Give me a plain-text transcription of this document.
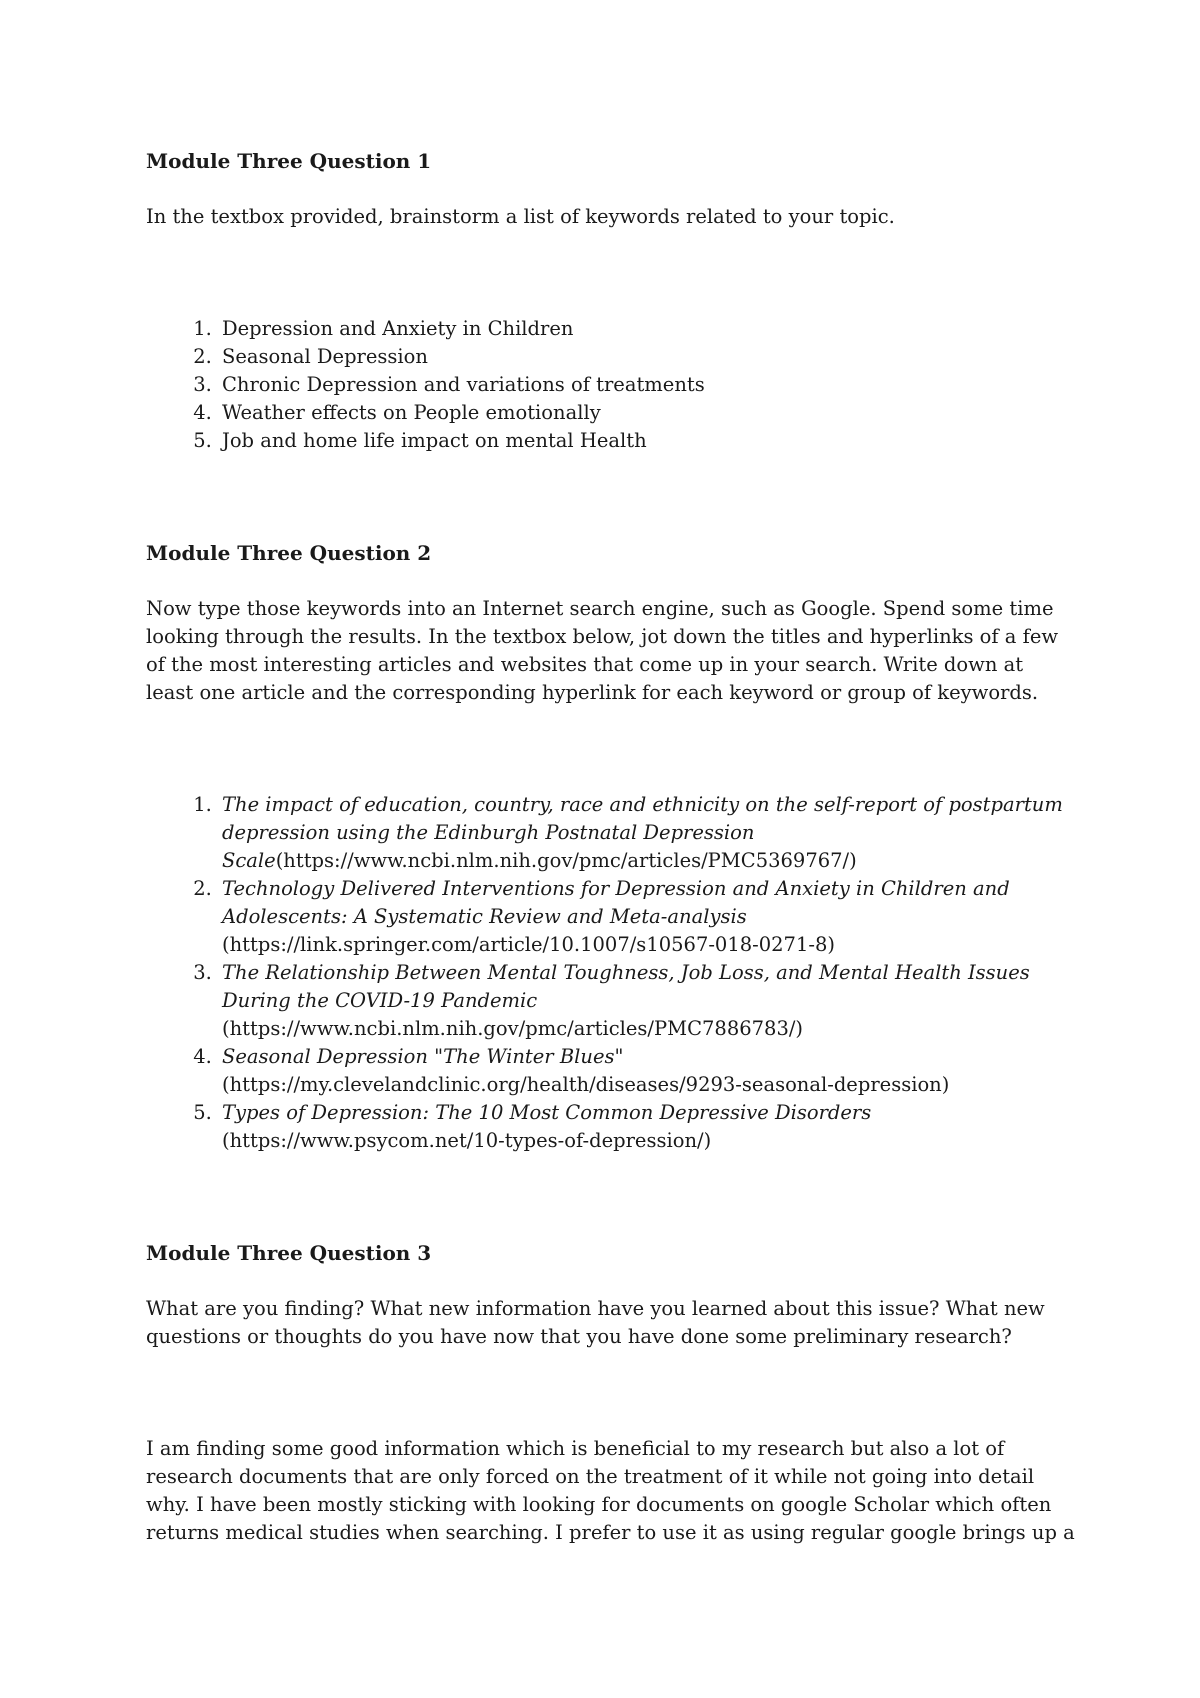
Module Three Question 1

In the textbox provided, brainstorm a list of keywords related to your topic.

1. Depression and Anxiety in Children
2. Seasonal Depression
3. Chronic Depression and variations of treatments
4. Weather effects on People emotionally
5. Job and home life impact on mental Health

Module Three Question 2

Now type those keywords into an Internet search engine, such as Google. Spend some time looking through the results. In the textbox below, jot down the titles and hyperlinks of a few of the most interesting articles and websites that come up in your search. Write down at least one article and the corresponding hyperlink for each keyword or group of keywords.

1. The impact of education, country, race and ethnicity on the self-report of postpartum depression using the Edinburgh Postnatal Depression Scale(https://www.ncbi.nlm.nih.gov/pmc/articles/PMC5369767/)
2. Technology Delivered Interventions for Depression and Anxiety in Children and Adolescents: A Systematic Review and Meta-analysis (https://link.springer.com/article/10.1007/s10567-018-0271-8)
3. The Relationship Between Mental Toughness, Job Loss, and Mental Health Issues During the COVID-19 Pandemic (https://www.ncbi.nlm.nih.gov/pmc/articles/PMC7886783/)
4. Seasonal Depression "The Winter Blues" (https://my.clevelandclinic.org/health/diseases/9293-seasonal-depression)
5. Types of Depression: The 10 Most Common Depressive Disorders (https://www.psycom.net/10-types-of-depression/)

Module Three Question 3

What are you finding? What new information have you learned about this issue? What new questions or thoughts do you have now that you have done some preliminary research?

I am finding some good information which is beneficial to my research but also a lot of research documents that are only forced on the treatment of it while not going into detail why. I have been mostly sticking with looking for documents on google Scholar which often returns medical studies when searching. I prefer to use it as using regular google brings up a
